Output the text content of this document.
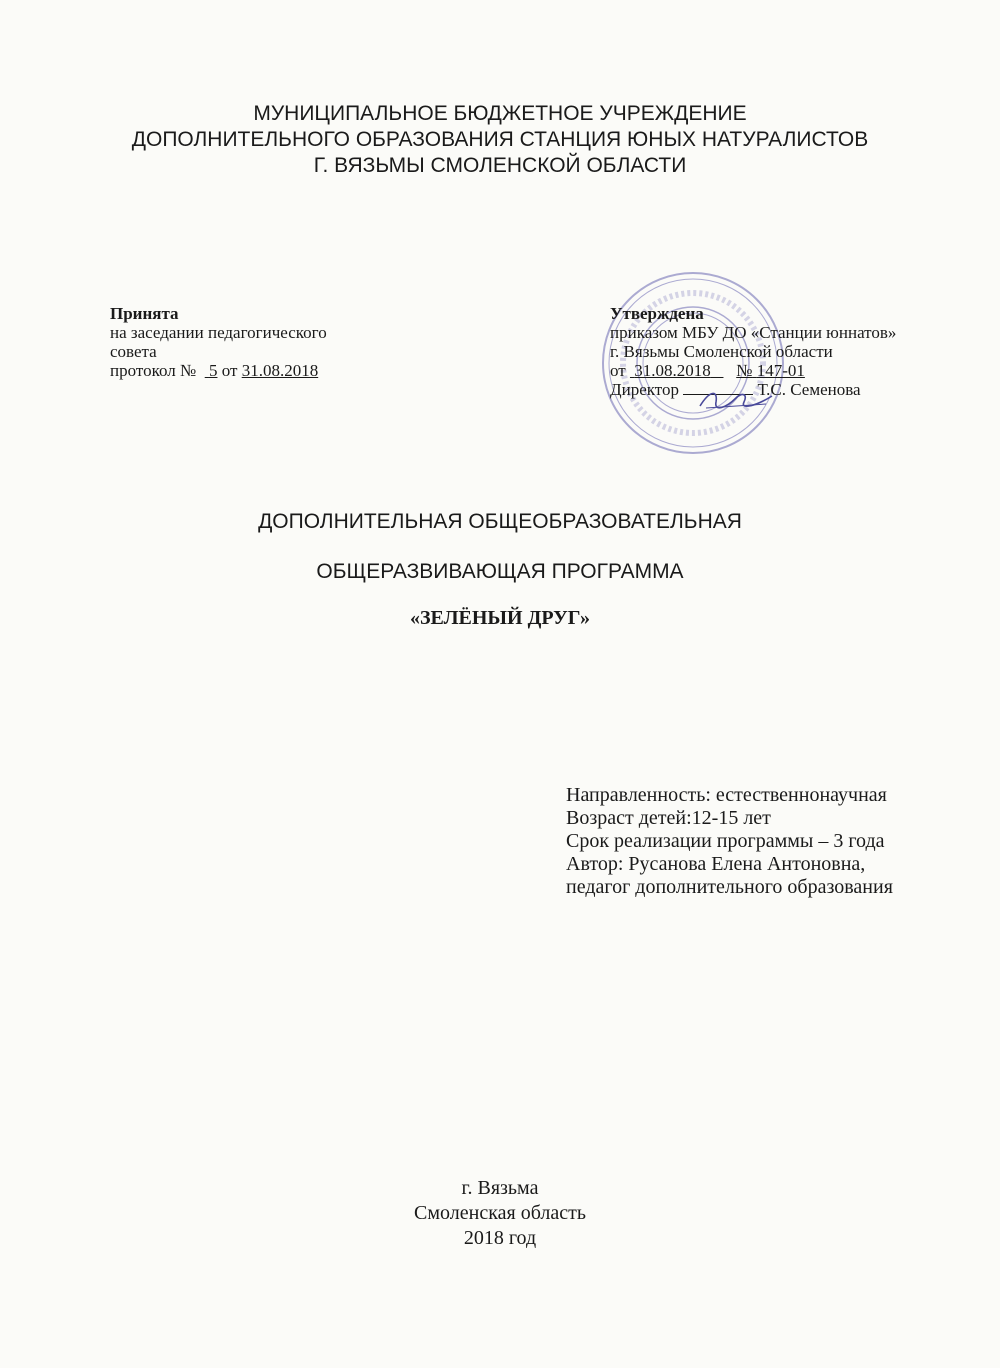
МУНИЦИПАЛЬНОЕ БЮДЖЕТНОЕ УЧРЕЖДЕНИЕ
ДОПОЛНИТЕЛЬНОГО ОБРАЗОВАНИЯ СТАНЦИЯ ЮНЫХ НАТУРАЛИСТОВ
Г. ВЯЗЬМЫ СМОЛЕНСКОЙ ОБЛАСТИ
Принята
на заседании педагогического
совета
протокол № 5 от 31.08.2018
Утверждена
приказом МБУ ДО «Станции юннатов»
г. Вязьмы Смоленской области
от 31.08.2018 № 147-01
Директор	Т.С. Семенова
ДОПОЛНИТЕЛЬНАЯ ОБЩЕОБРАЗОВАТЕЛЬНАЯ
ОБЩЕРАЗВИВАЮЩАЯ ПРОГРАММА
«ЗЕЛЁНЫЙ ДРУГ»
Направленность: естественнонаучная
Возраст детей:12-15 лет
Срок реализации программы – 3 года
Автор: Русанова Елена Антоновна,
педагог дополнительного образования

г. Вязьма
Смоленская область
2018 год
